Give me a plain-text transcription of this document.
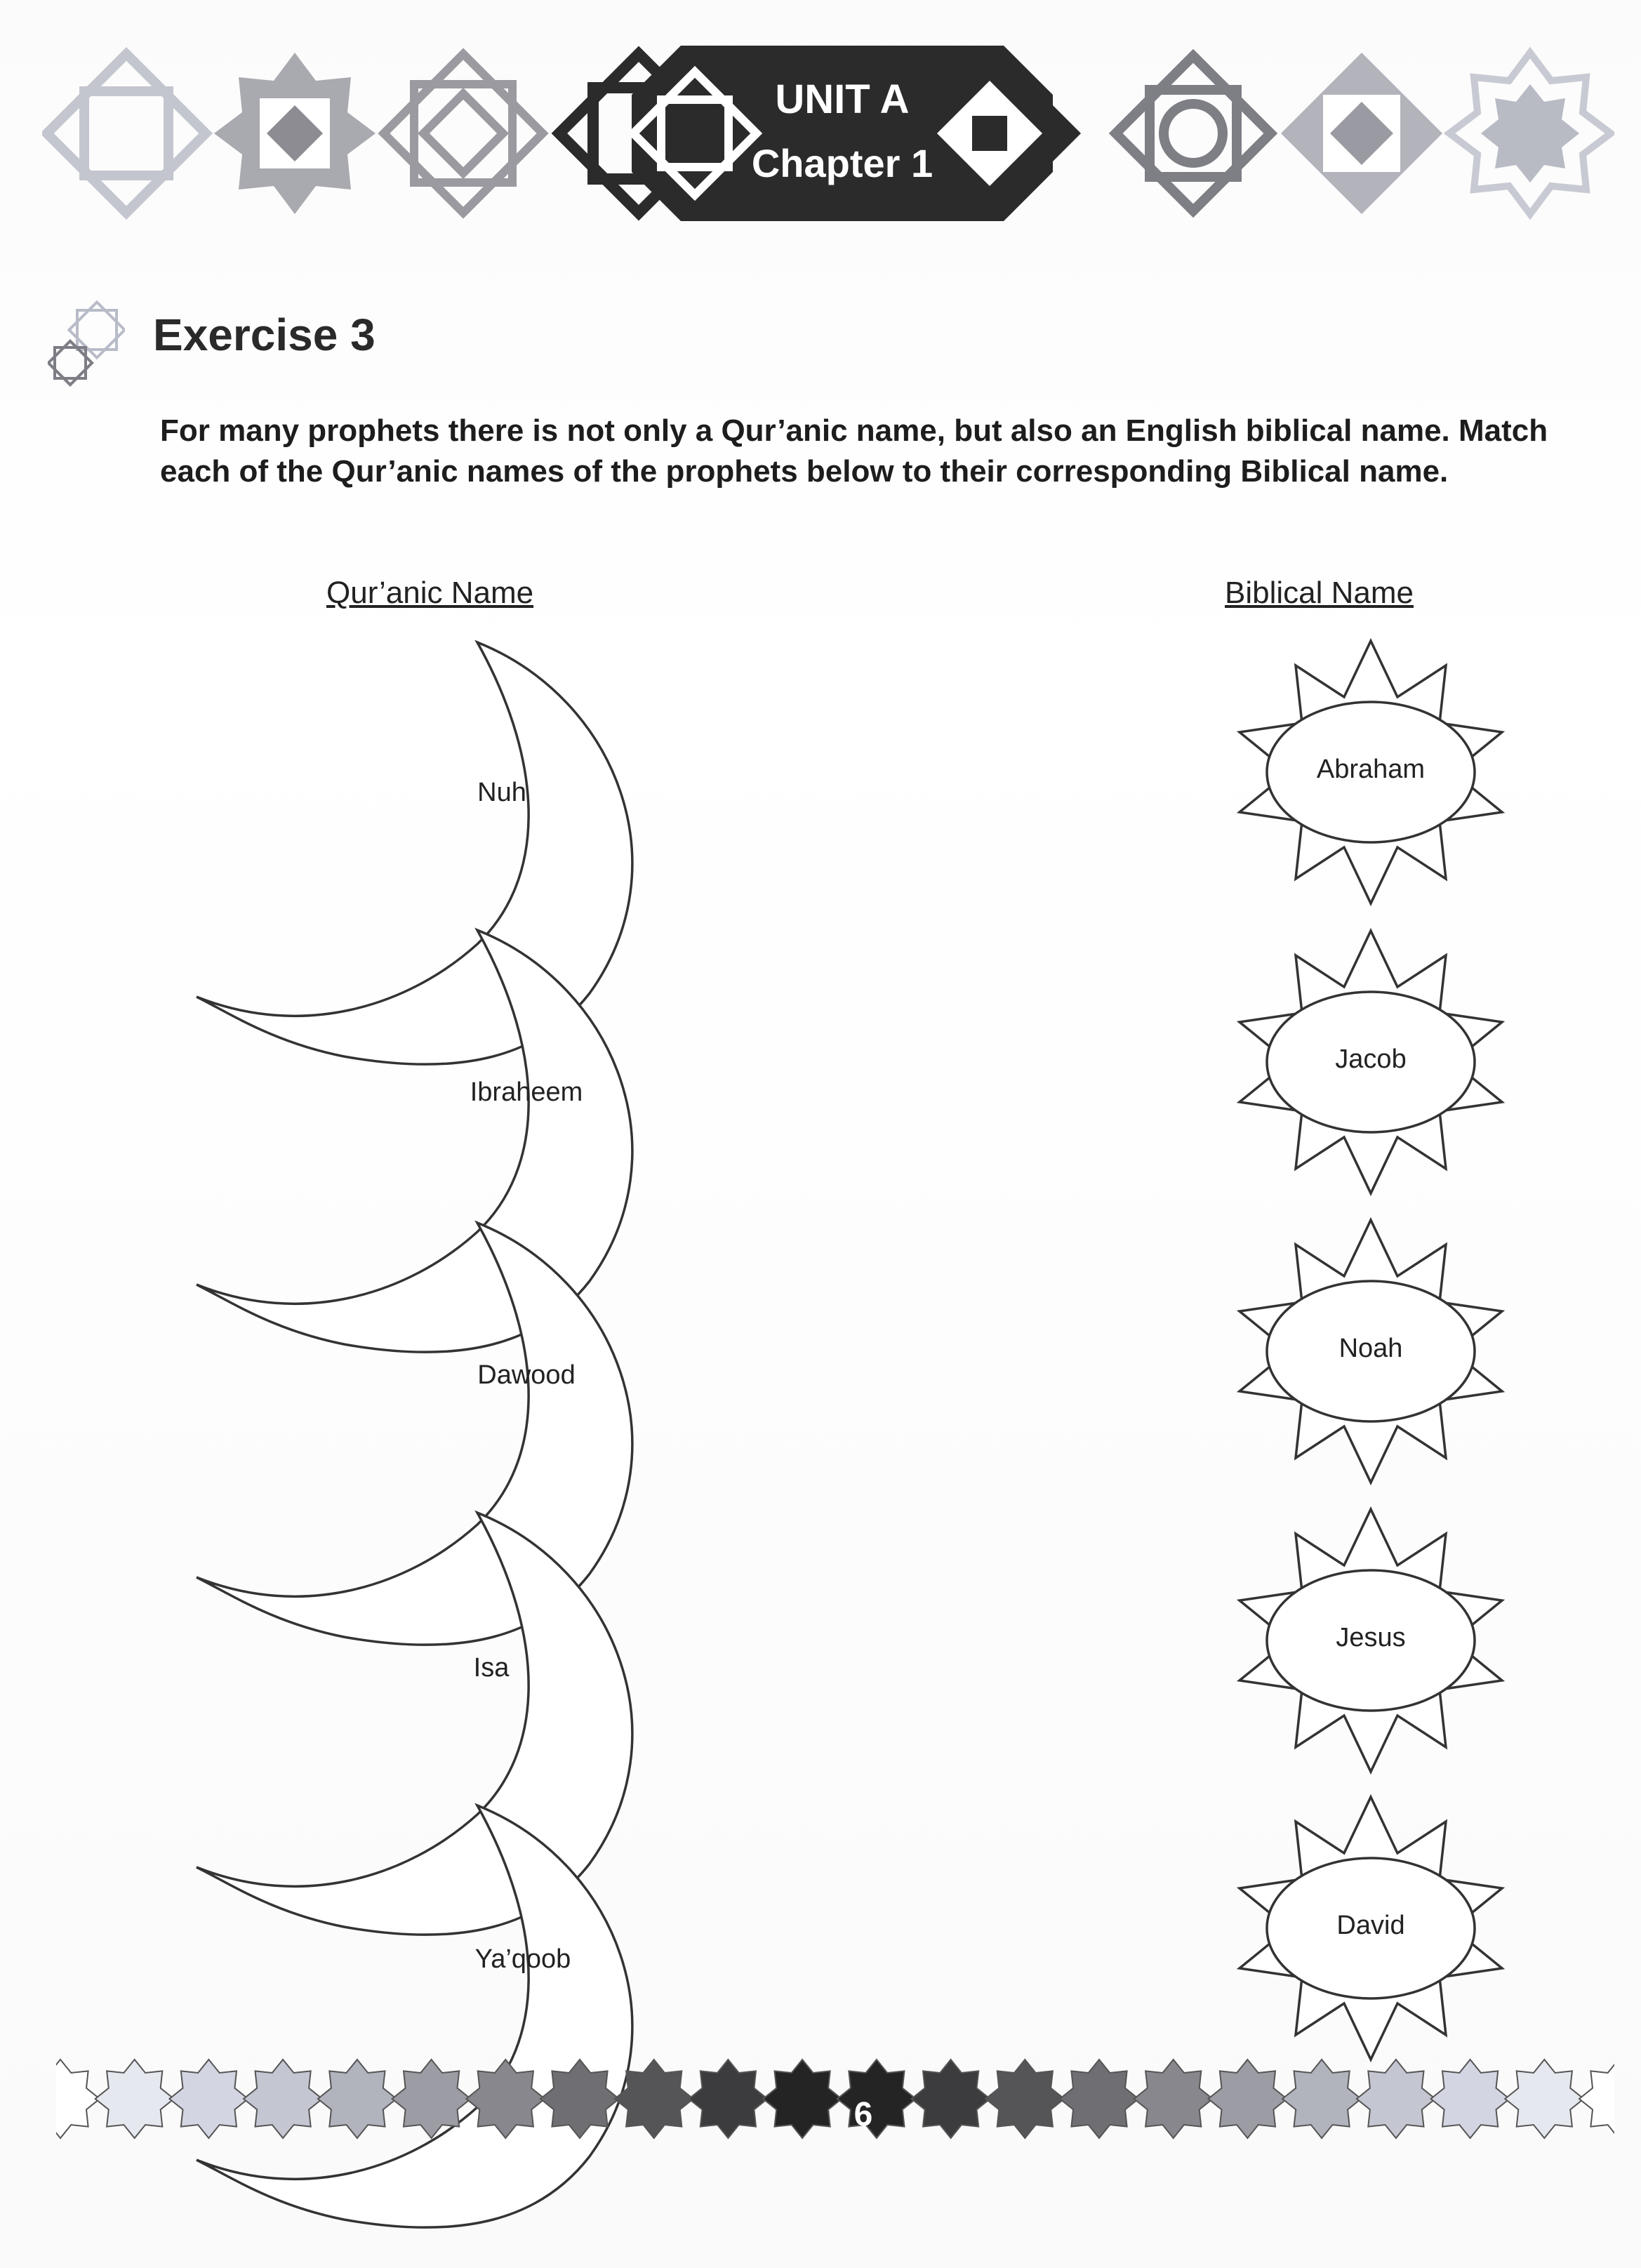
UNIT A
Chapter 1
Exercise 3
For many prophets there is not only a Qur’anic name, but also an English biblical name. Match each of the Qur’anic names of the prophets below to their corresponding Biblical name.
Qur’anic Name	Biblical Name
Nuh
Ibraheem
Dawood
Isa
Ya’qoob
Abraham
Jacob
Noah
Jesus
David
6
